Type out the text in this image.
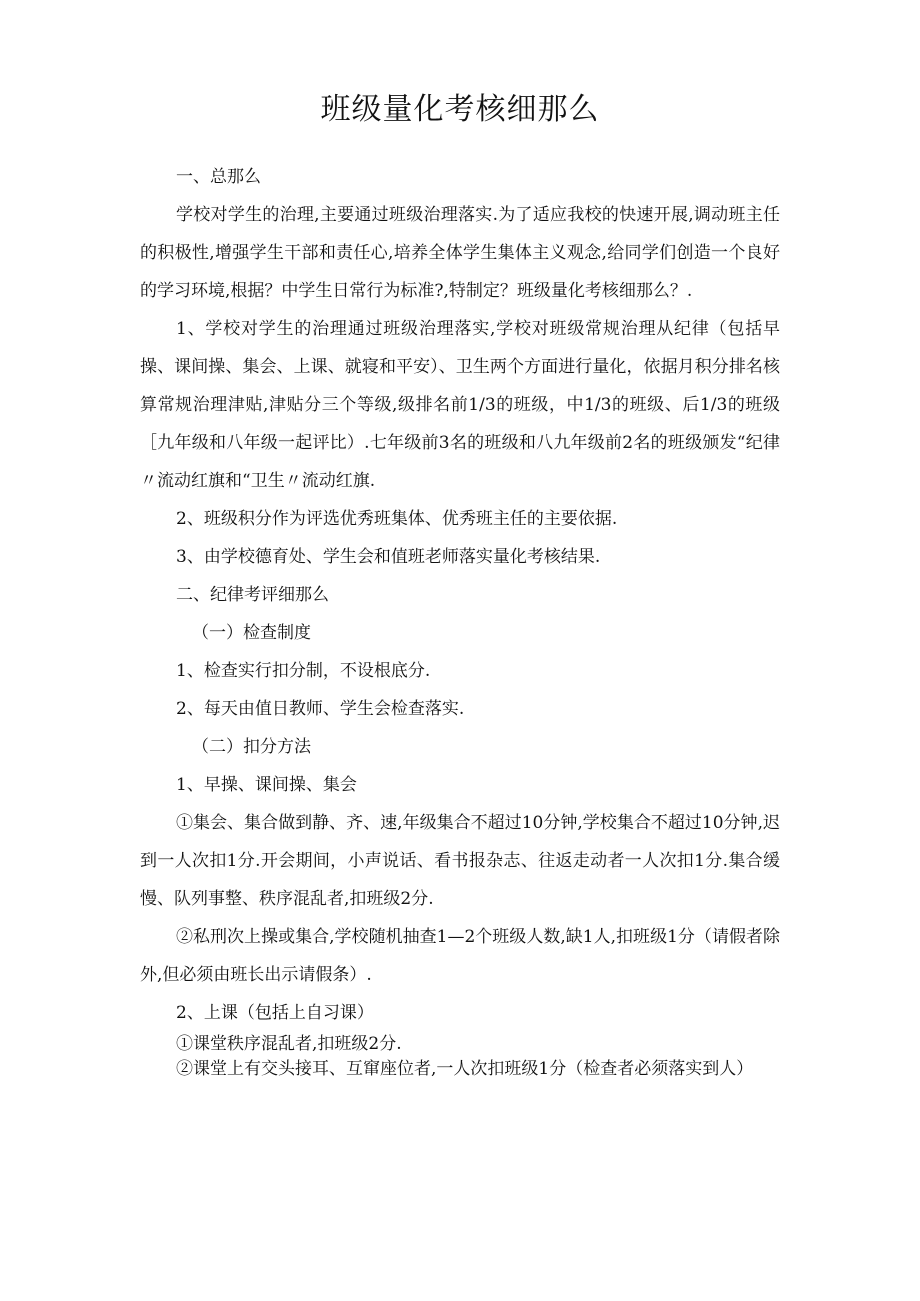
班级量化考核细那么

一、总那么

学校对学生的治理,主要通过班级治理落实.为了适应我校的快速开展,调动班主任的积极性,增强学生干部和责任心,培养全体学生集体主义观念,给同学们创造一个良好的学习环境,根据？中学生日常行为标准?,特制定？班级量化考核细那么？.

1、学校对学生的治理通过班级治理落实,学校对班级常规治理从纪律（包括早操、课间操、集会、上课、就寝和平安）、卫生两个方面进行量化，依据月积分排名核算常规治理津贴,津贴分三个等级,级排名前1/3的班级，中1/3的班级、后1/3的班级［九年级和八年级一起评比）.七年级前3名的班级和八九年级前2名的班级颁发“纪律〃流动红旗和“卫生〃流动红旗.

2、班级积分作为评选优秀班集体、优秀班主任的主要依据.

3、由学校德育处、学生会和值班老师落实量化考核结果.

二、纪律考评细那么

（一）检查制度

1、检查实行扣分制，不设根底分.

2、每天由值日教师、学生会检查落实.

（二）扣分方法

1、早操、课间操、集会

①集会、集合做到静、齐、速,年级集合不超过10分钟,学校集合不超过10分钟,迟到一人次扣1分.开会期间，小声说话、看书报杂志、往返走动者一人次扣1分.集合缓慢、队列事整、秩序混乱者,扣班级2分.

②私刑次上操或集合,学校随机抽查1—2个班级人数,缺1人,扣班级1分（请假者除外,但必须由班长出示请假条）.

2、上课（包括上自习课）

①课堂秩序混乱者,扣班级2分.

②课堂上有交头接耳、互窜座位者,一人次扣班级1分（检查者必须落实到人）
